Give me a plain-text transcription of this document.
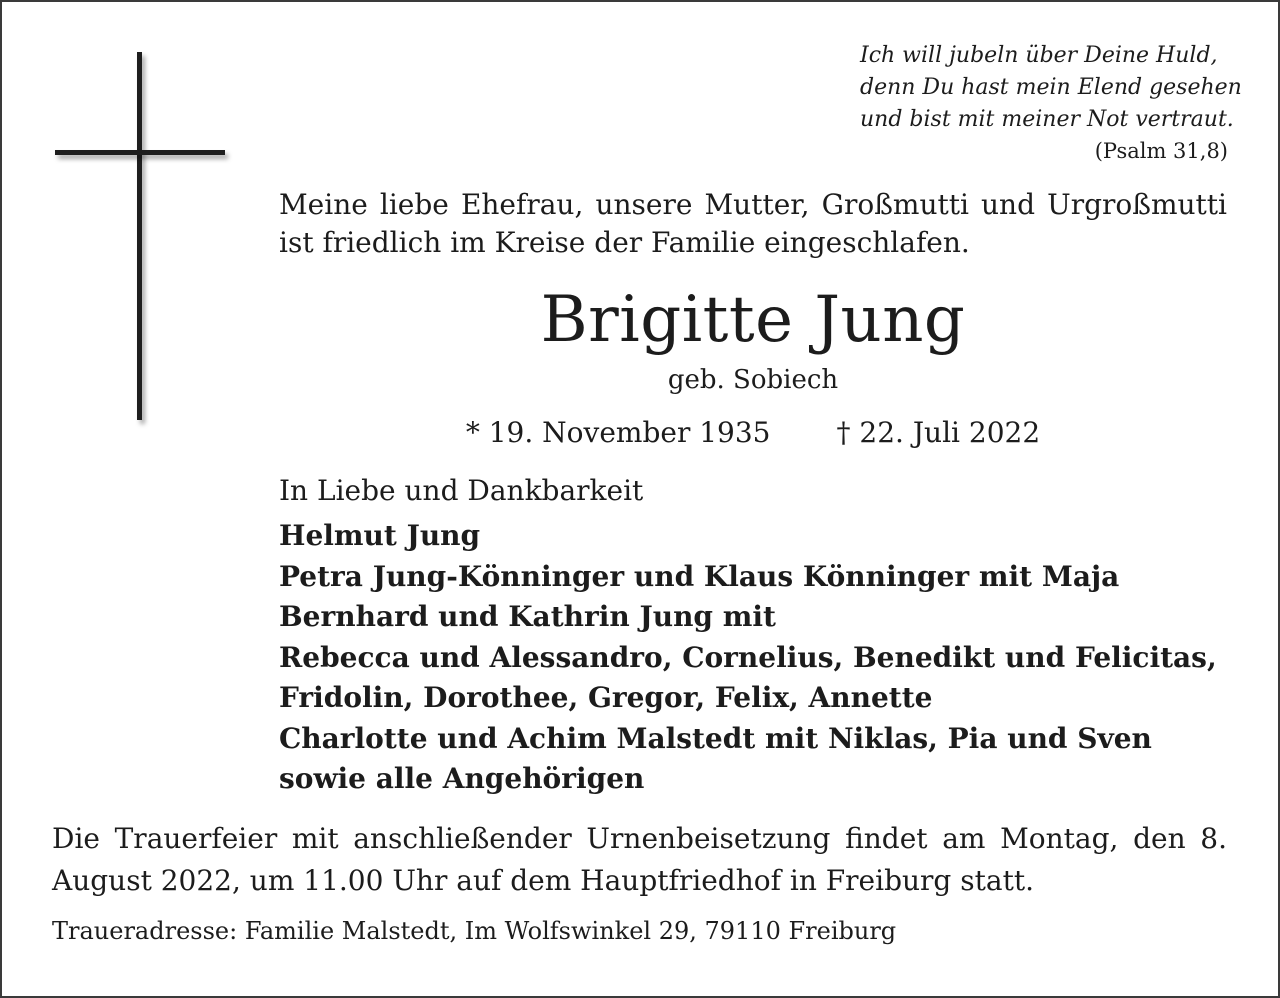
Ich will jubeln über Deine Huld,
denn Du hast mein Elend gesehen
und bist mit meiner Not vertraut.
(Psalm 31,8)
Meine liebe Ehefrau, unsere Mutter, Großmutti und Urgroßmutti ist friedlich im Kreise der Familie eingeschlafen.
Brigitte Jung
geb. Sobiech
* 19. November 1935 † 22. Juli 2022
In Liebe und Dankbarkeit
Helmut Jung
Petra Jung-Könninger und Klaus Könninger mit Maja
Bernhard und Kathrin Jung mit
Rebecca und Alessandro, Cornelius, Benedikt und Felicitas,
Fridolin, Dorothee, Gregor, Felix, Annette
Charlotte und Achim Malstedt mit Niklas, Pia und Sven
sowie alle Angehörigen
Die Trauerfeier mit anschließender Urnenbeisetzung findet am Montag, den 8. August 2022, um 11.00 Uhr auf dem Hauptfriedhof in Freiburg statt.
Traueradresse: Familie Malstedt, Im Wolfswinkel 29, 79110 Freiburg
